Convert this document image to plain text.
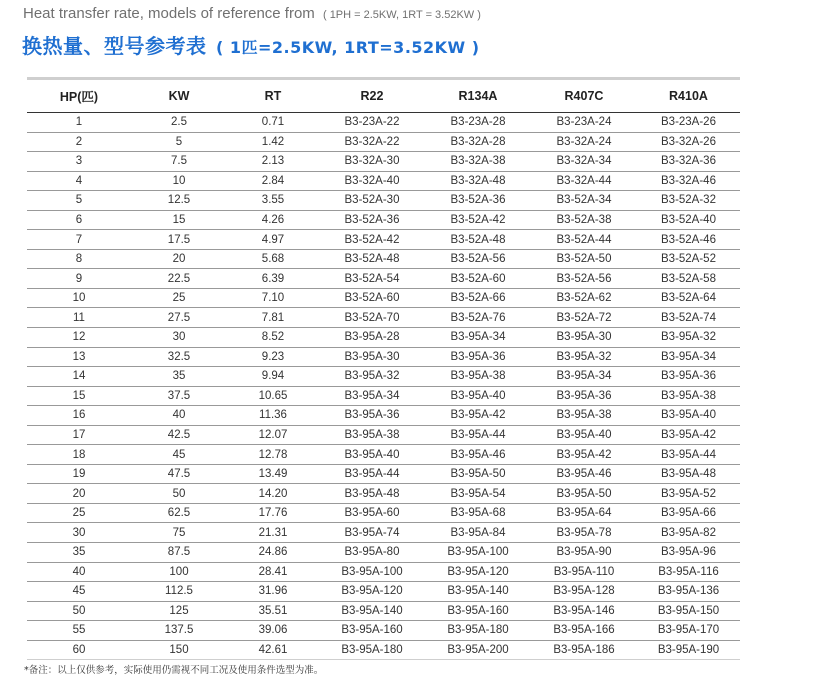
Heat transfer rate, models of reference from ( 1PH = 2.5KW, 1RT = 3.52KW )
换热量、型号参考表 ( 1匹=2.5KW, 1RT=3.52KW )
HP(匹)	KW	RT	R22	R134A	R407C	R410A
1	2.5	0.71	B3-23A-22	B3-23A-28	B3-23A-24	B3-23A-26
2	5	1.42	B3-32A-22	B3-32A-28	B3-32A-24	B3-32A-26
3	7.5	2.13	B3-32A-30	B3-32A-38	B3-32A-34	B3-32A-36
4	10	2.84	B3-32A-40	B3-32A-48	B3-32A-44	B3-32A-46
5	12.5	3.55	B3-52A-30	B3-52A-36	B3-52A-34	B3-52A-32
6	15	4.26	B3-52A-36	B3-52A-42	B3-52A-38	B3-52A-40
7	17.5	4.97	B3-52A-42	B3-52A-48	B3-52A-44	B3-52A-46
8	20	5.68	B3-52A-48	B3-52A-56	B3-52A-50	B3-52A-52
9	22.5	6.39	B3-52A-54	B3-52A-60	B3-52A-56	B3-52A-58
10	25	7.10	B3-52A-60	B3-52A-66	B3-52A-62	B3-52A-64
11	27.5	7.81	B3-52A-70	B3-52A-76	B3-52A-72	B3-52A-74
12	30	8.52	B3-95A-28	B3-95A-34	B3-95A-30	B3-95A-32
13	32.5	9.23	B3-95A-30	B3-95A-36	B3-95A-32	B3-95A-34
14	35	9.94	B3-95A-32	B3-95A-38	B3-95A-34	B3-95A-36
15	37.5	10.65	B3-95A-34	B3-95A-40	B3-95A-36	B3-95A-38
16	40	11.36	B3-95A-36	B3-95A-42	B3-95A-38	B3-95A-40
17	42.5	12.07	B3-95A-38	B3-95A-44	B3-95A-40	B3-95A-42
18	45	12.78	B3-95A-40	B3-95A-46	B3-95A-42	B3-95A-44
19	47.5	13.49	B3-95A-44	B3-95A-50	B3-95A-46	B3-95A-48
20	50	14.20	B3-95A-48	B3-95A-54	B3-95A-50	B3-95A-52
25	62.5	17.76	B3-95A-60	B3-95A-68	B3-95A-64	B3-95A-66
30	75	21.31	B3-95A-74	B3-95A-84	B3-95A-78	B3-95A-82
35	87.5	24.86	B3-95A-80	B3-95A-100	B3-95A-90	B3-95A-96
40	100	28.41	B3-95A-100	B3-95A-120	B3-95A-110	B3-95A-116
45	112.5	31.96	B3-95A-120	B3-95A-140	B3-95A-128	B3-95A-136
50	125	35.51	B3-95A-140	B3-95A-160	B3-95A-146	B3-95A-150
55	137.5	39.06	B3-95A-160	B3-95A-180	B3-95A-166	B3-95A-170
60	150	42.61	B3-95A-180	B3-95A-200	B3-95A-186	B3-95A-190
*备注：以上仅供参考，实际使用仍需视不同工况及使用条件选型为准。
